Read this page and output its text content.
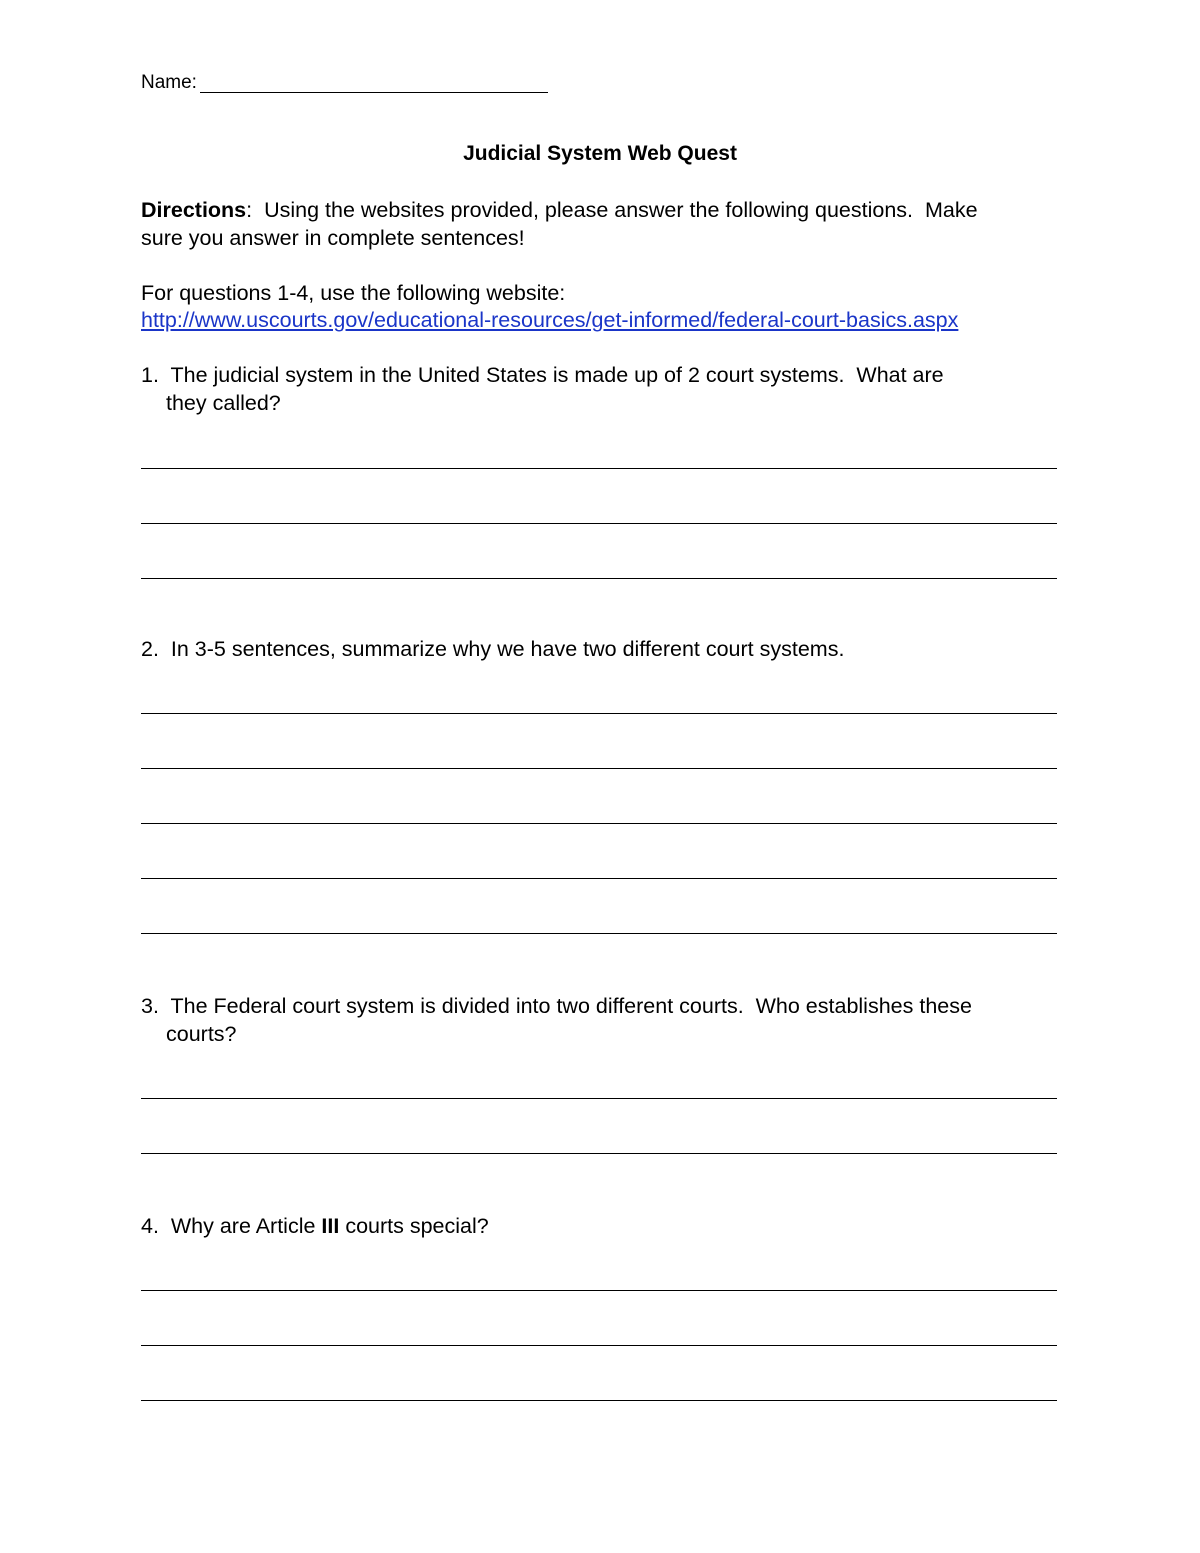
Name:
Judicial System Web Quest
Directions:  Using the websites provided, please answer the following questions.  Make
sure you answer in complete sentences!
For questions 1-4, use the following website:
http://www.uscourts.gov/educational-resources/get-informed/federal-court-basics.aspx
1.  The judicial system in the United States is made up of 2 court systems.  What are
they called?
2.  In 3-5 sentences, summarize why we have two different court systems.
3.  The Federal court system is divided into two different courts.  Who establishes these
courts?
4.  Why are Article III courts special?
